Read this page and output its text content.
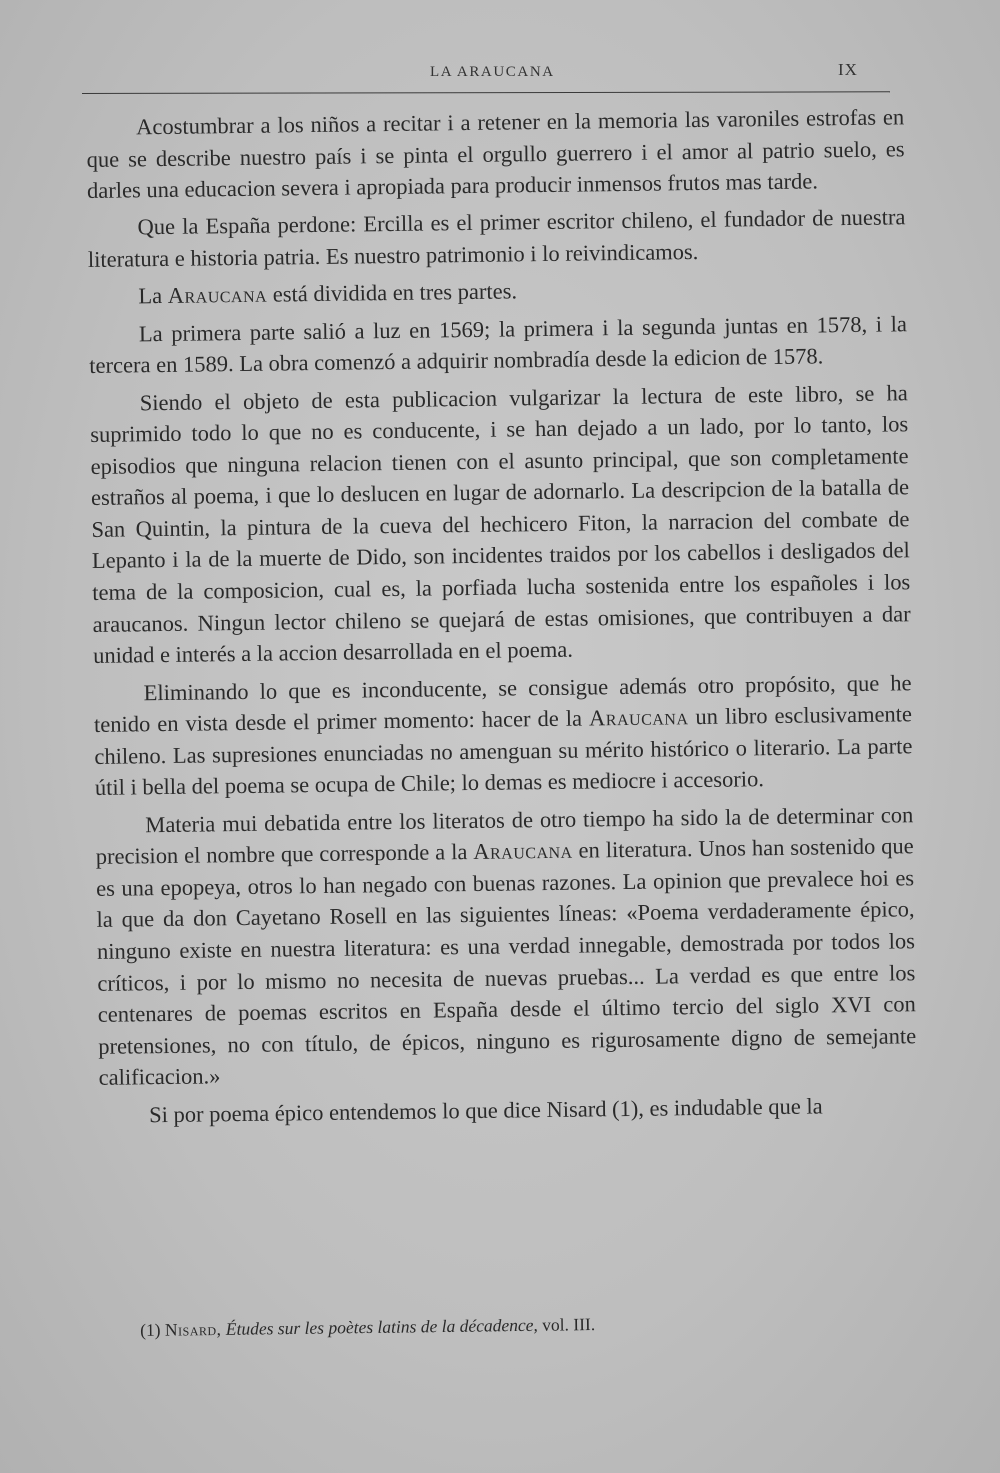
LA ARAUCANA	IX

Acostumbrar a los niños a recitar i a retener en la memoria las varoniles estrofas en que se describe nuestro país i se pinta el orgullo guerrero i el amor al patrio suelo, es darles una educacion severa i apropiada para producir inmensos frutos mas tarde.

Que la España perdone: Ercilla es el primer escritor chileno, el fundador de nuestra literatura e historia patria. Es nuestro patrimonio i lo reivindicamos.

La Araucana está dividida en tres partes.

La primera parte salió a luz en 1569; la primera i la segunda juntas en 1578, i la tercera en 1589. La obra comenzó a adquirir nombradía desde la edicion de 1578.

Siendo el objeto de esta publicacion vulgarizar la lectura de este libro, se ha suprimido todo lo que no es conducente, i se han dejado a un lado, por lo tanto, los episodios que ninguna relacion tienen con el asunto principal, que son completamente estraños al poema, i que lo deslucen en lugar de adornarlo. La descripcion de la batalla de San Quintin, la pintura de la cueva del hechicero Fiton, la narracion del combate de Lepanto i la de la muerte de Dido, son incidentes traidos por los cabellos i desligados del tema de la composicion, cual es, la porfiada lucha sostenida entre los españoles i los araucanos. Ningun lector chileno se quejará de estas omisiones, que contribuyen a dar unidad e interés a la accion desarrollada en el poema.

Eliminando lo que es inconducente, se consigue además otro propósito, que he tenido en vista desde el primer momento: hacer de la Araucana un libro esclusivamente chileno. Las supresiones enunciadas no amenguan su mérito histórico o literario. La parte útil i bella del poema se ocupa de Chile; lo demas es mediocre i accesorio.

Materia mui debatida entre los literatos de otro tiempo ha sido la de determinar con precision el nombre que corresponde a la Araucana en literatura. Unos han sostenido que es una epopeya, otros lo han negado con buenas razones. La opinion que prevalece hoi es la que da don Cayetano Rosell en las siguientes líneas: «Poema verdaderamente épico, ninguno existe en nuestra literatura: es una verdad innegable, demostrada por todos los críticos, i por lo mismo no necesita de nuevas pruebas... La verdad es que entre los centenares de poemas escritos en España desde el último tercio del siglo XVI con pretensiones, no con título, de épicos, ninguno es rigurosamente digno de semejante calificacion.»

Si por poema épico entendemos lo que dice Nisard (1), es indudable que la

(1) Nisard, Études sur les poètes latins de la décadence, vol. III.
